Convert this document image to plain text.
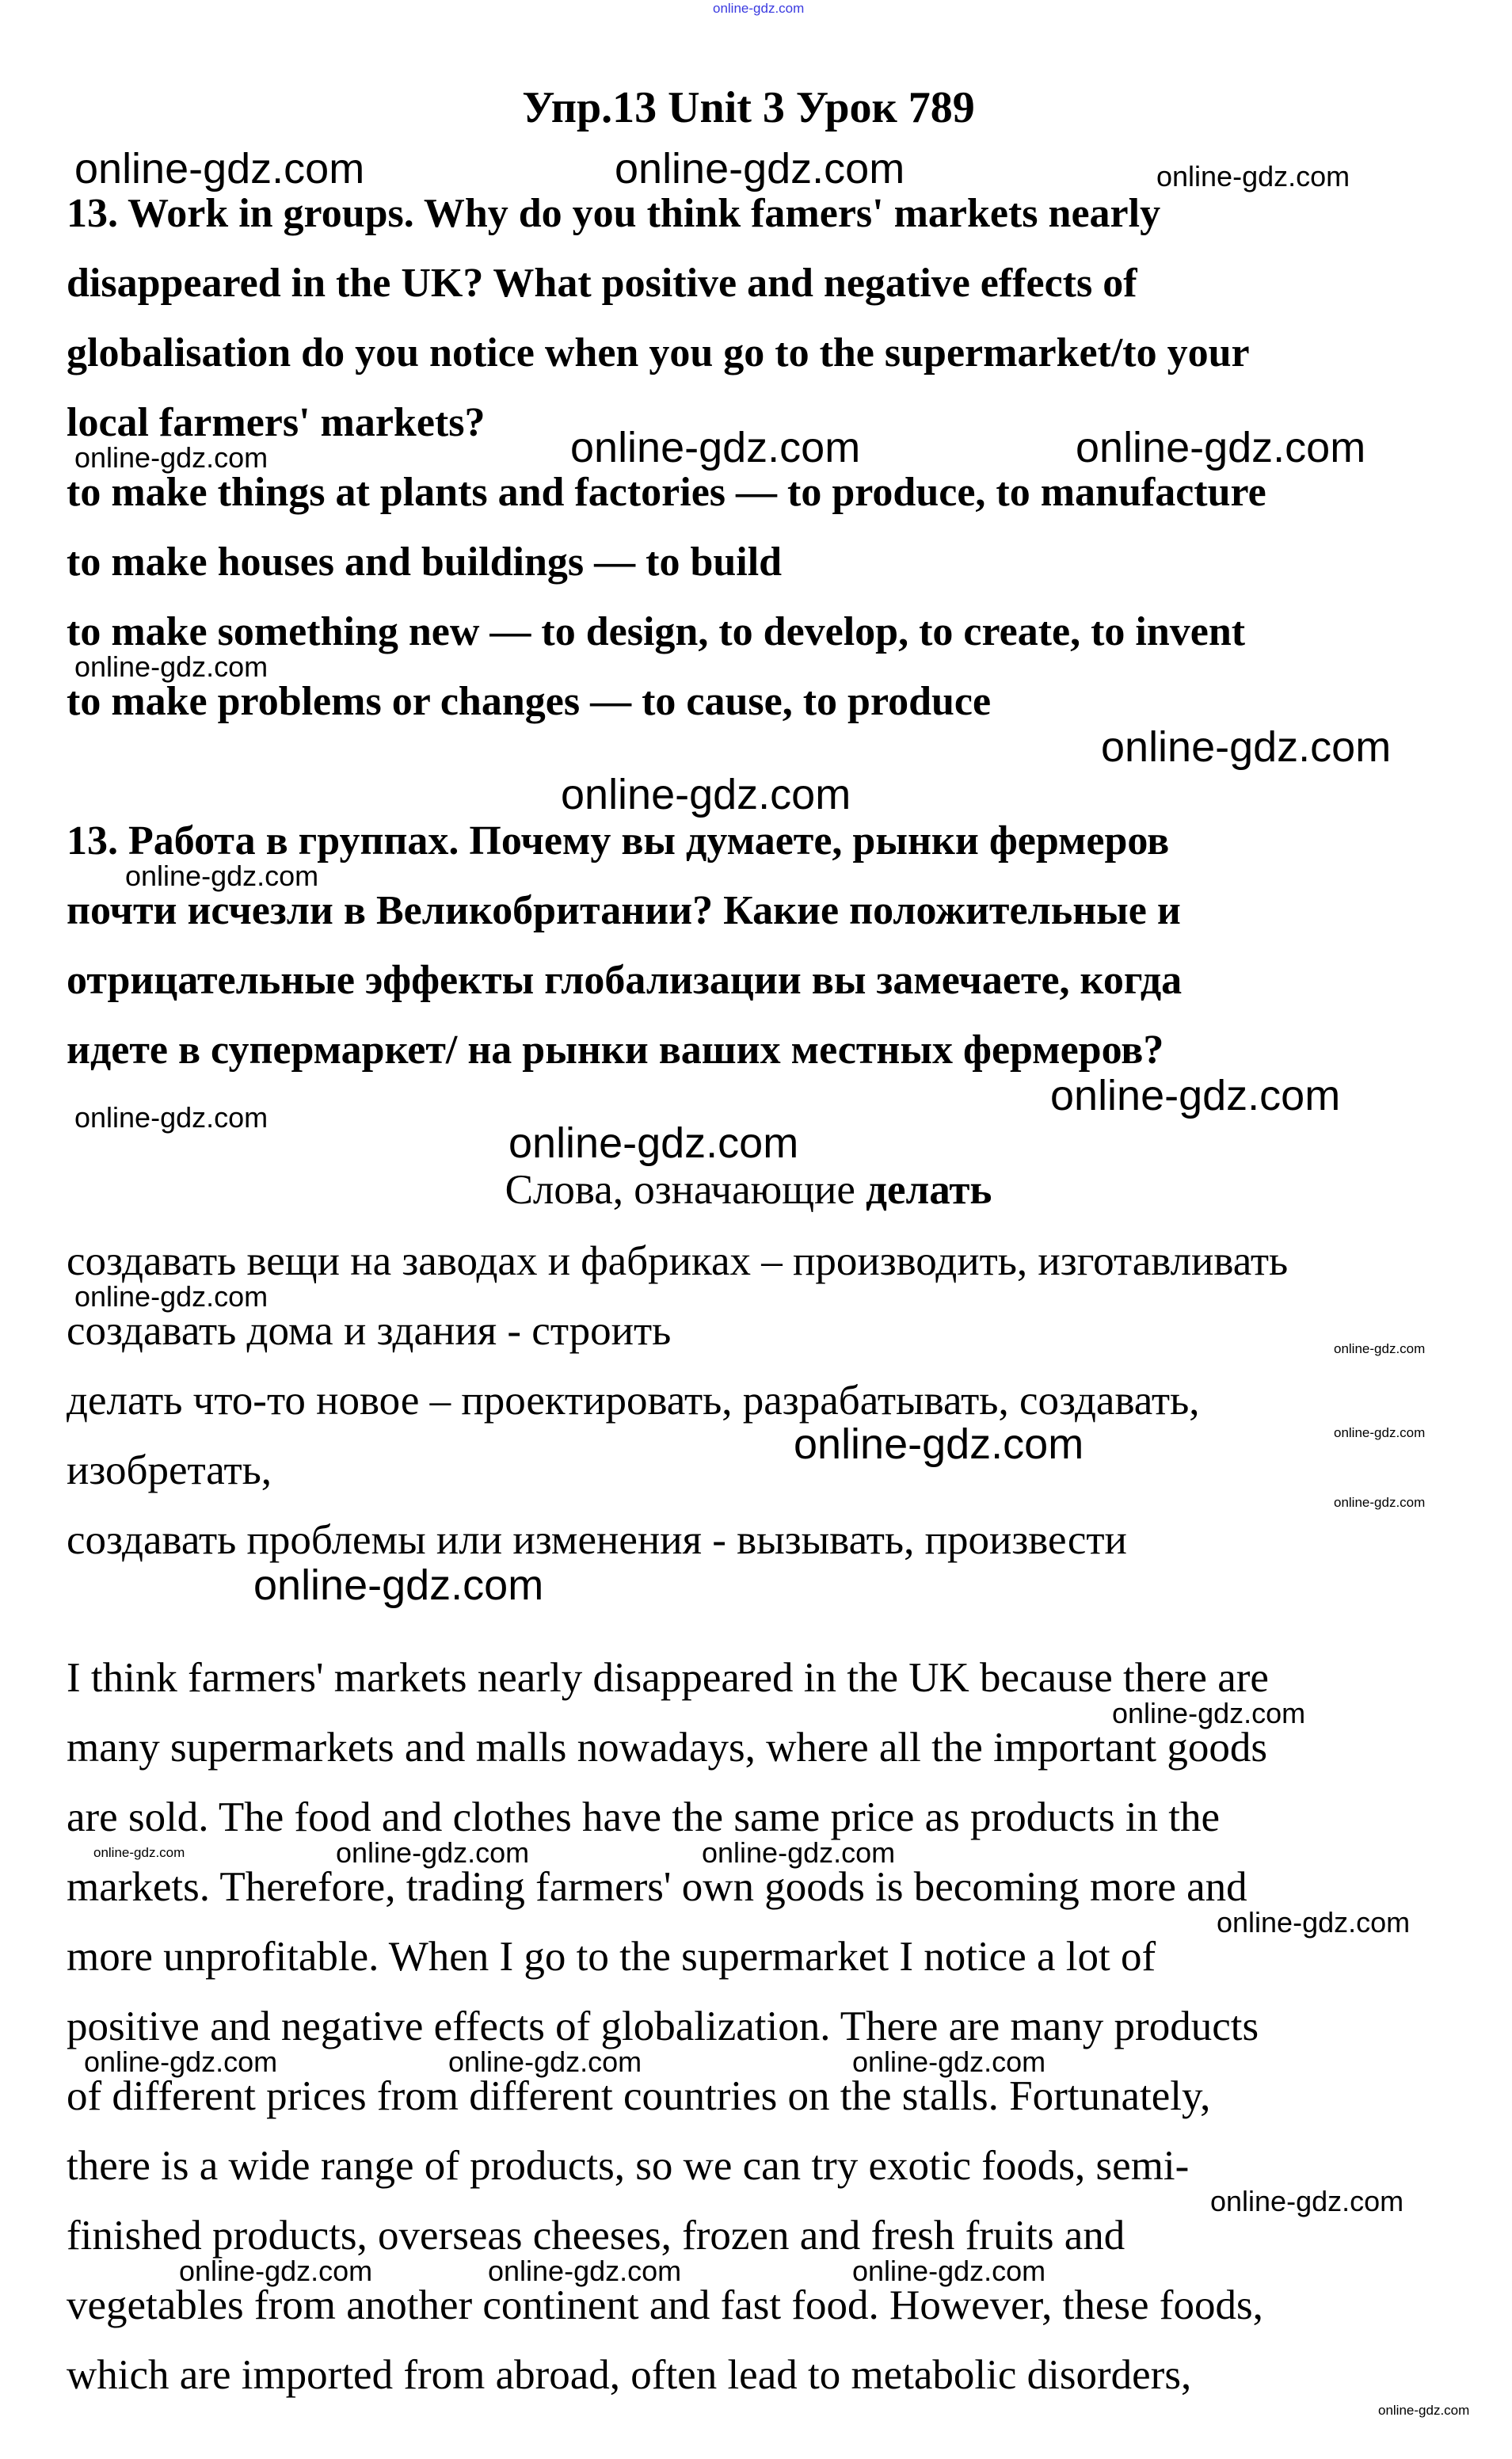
Упр.13 Unit 3 Урок 789
13. Work in groups. Why do you think famers' markets nearly
disappeared in the UK? What positive and negative effects of
globalisation do you notice when you go to the supermarket/to your
local farmers' markets?
to make things at plants and factories — to produce, to manufacture
to make houses and buildings — to build
to make something new — to design, to develop, to create, to invent
to make problems or changes — to cause, to produce
13. Работа в группах. Почему вы думаете, рынки фермеров
почти исчезли в Великобритании? Какие положительные и
отрицательные эффекты глобализации вы замечаете, когда
идете в супермаркет/ на рынки ваших местных фермеров?
Слова, означающие делать
создавать вещи на заводах и фабриках – производить, изготавливать
создавать дома и здания - строить
делать что-то новое – проектировать, разрабатывать, создавать,
изобретать,
создавать проблемы или изменения - вызывать, произвести
I think farmers' markets nearly disappeared in the UK because there are
many supermarkets and malls nowadays, where all the important goods
are sold. The food and clothes have the same price as products in the
markets. Therefore, trading farmers' own goods is becoming more and
more unprofitable. When I go to the supermarket I notice a lot of
positive and negative effects of globalization. There are many products
of different prices from different countries on the stalls. Fortunately,
there is a wide range of products, so we can try exotic foods, semi-
finished products, overseas cheeses, frozen and fresh fruits and
vegetables from another continent and fast food. However, these foods,
which are imported from abroad, often lead to metabolic disorders,
online-gdz.com
online-gdz.com	online-gdz.com	online-gdz.com
online-gdz.com	online-gdz.com	online-gdz.com
online-gdz.com
online-gdz.com
online-gdz.com
online-gdz.com
online-gdz.com
online-gdz.com
online-gdz.com
online-gdz.com
online-gdz.com
online-gdz.com
online-gdz.com
online-gdz.com
online-gdz.com
online-gdz.com
online-gdz.com	online-gdz.com	online-gdz.com
online-gdz.com
online-gdz.com	online-gdz.com	online-gdz.com
online-gdz.com
online-gdz.com	online-gdz.com	online-gdz.com
online-gdz.com
